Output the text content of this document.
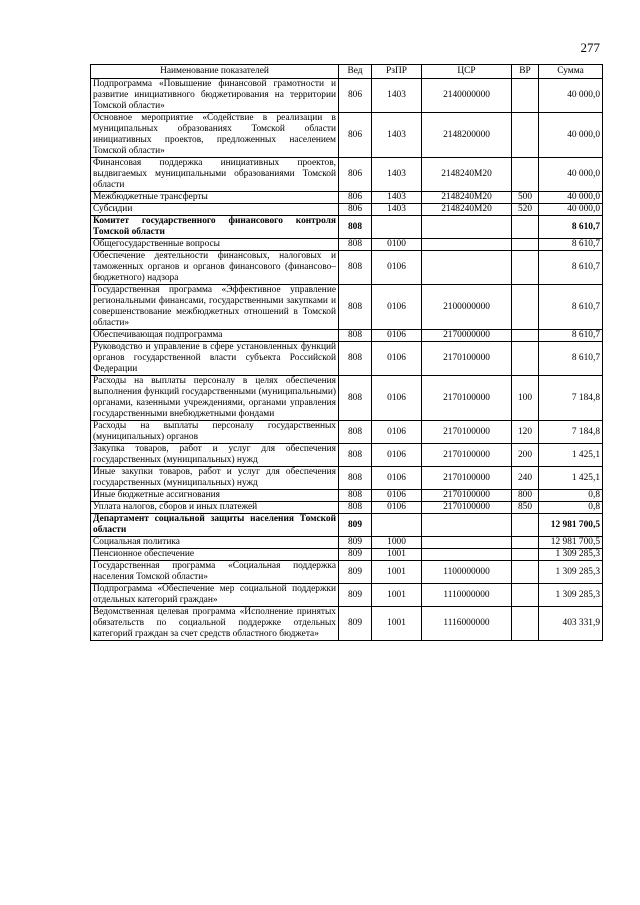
277
Наименование показателей	Вед	РзПР	ЦСР	ВР	Сумма
Подпрограмма «Повышение финансовой грамотности и развитие инициативного бюджетирования на территории Томской области»	806	1403	2140000000		40 000,0
Основное мероприятие «Содействие в реализации в муниципальных образованиях Томской области инициативных проектов, предложенных населением Томской области»	806	1403	2148200000		40 000,0
Финансовая поддержка инициативных проектов, выдвигаемых муниципальными образованиями Томской области	806	1403	2148240M20		40 000,0
Межбюджетные трансферты	806	1403	2148240M20	500	40 000,0
Субсидии	806	1403	2148240M20	520	40 000,0
Комитет государственного финансового контроля Томской области	808				8 610,7
Общегосударственные вопросы	808	0100			8 610,7
Обеспечение деятельности финансовых, налоговых и таможенных органов и органов финансового (финансово–бюджетного) надзора	808	0106			8 610,7
Государственная программа «Эффективное управление региональными финансами, государственными закупками и совершенствование межбюджетных отношений в Томской области»	808	0106	2100000000		8 610,7
Обеспечивающая подпрограмма	808	0106	2170000000		8 610,7
Руководство и управление в сфере установленных функций органов государственной власти субъекта Российской Федерации	808	0106	2170100000		8 610,7
Расходы на выплаты персоналу в целях обеспечения выполнения функций государственными (муниципальными) органами, казенными учреждениями, органами управления государственными внебюджетными фондами	808	0106	2170100000	100	7 184,8
Расходы на выплаты персоналу государственных (муниципальных) органов	808	0106	2170100000	120	7 184,8
Закупка товаров, работ и услуг для обеспечения государственных (муниципальных) нужд	808	0106	2170100000	200	1 425,1
Иные закупки товаров, работ и услуг для обеспечения государственных (муниципальных) нужд	808	0106	2170100000	240	1 425,1
Иные бюджетные ассигнования	808	0106	2170100000	800	0,8
Уплата налогов, сборов и иных платежей	808	0106	2170100000	850	0,8
Департамент социальной защиты населения Томской области	809				12 981 700,5
Социальная политика	809	1000			12 981 700,5
Пенсионное обеспечение	809	1001			1 309 285,3
Государственная программа «Социальная поддержка населения Томской области»	809	1001	1100000000		1 309 285,3
Подпрограмма «Обеспечение мер социальной поддержки отдельных категорий граждан»	809	1001	1110000000		1 309 285,3
Ведомственная целевая программа «Исполнение принятых обязательств по социальной поддержке отдельных категорий граждан за счет средств областного бюджета»	809	1001	1116000000		403 331,9
